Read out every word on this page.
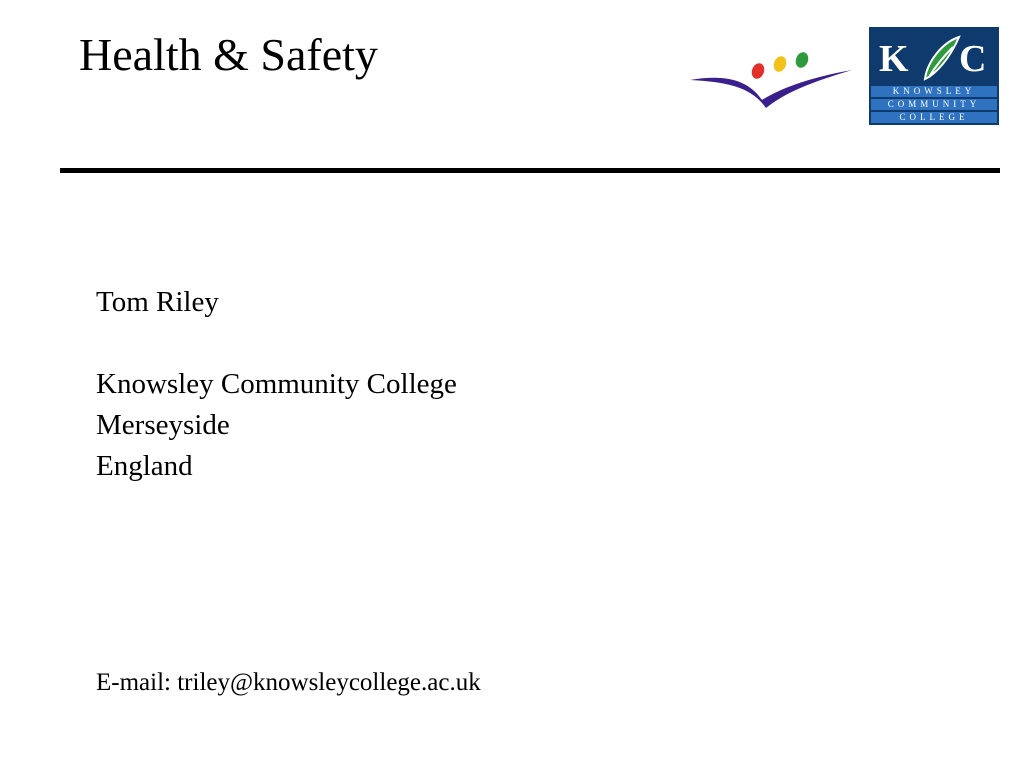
Health & Safety	K C
KNOWSLEY
COMMUNITY
COLLEGE
Tom Riley
Knowsley Community College
Merseyside
England
E-mail: triley@knowsleycollege.ac.uk
